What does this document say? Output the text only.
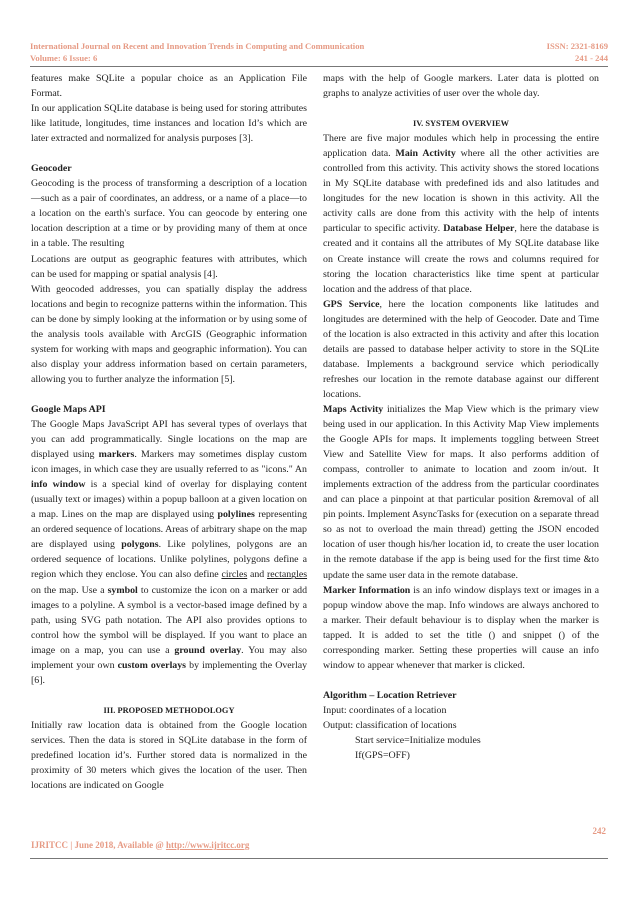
International Journal on Recent and Innovation Trends in Computing and Communication
Volume: 6 Issue: 6
ISSN: 2321-8169
241 - 244

features make SQLite a popular choice as an Application File Format.

In our application SQLite database is being used for storing attributes like latitude, longitudes, time instances and location Id’s which are later extracted and normalized for analysis purposes [3].

Geocoder

Geocoding is the process of transforming a description of a location—such as a pair of coordinates, an address, or a name of a place—to a location on the earth's surface. You can geocode by entering one location description at a time or by providing many of them at once in a table. The resulting

Locations are output as geographic features with attributes, which can be used for mapping or spatial analysis [4].

With geocoded addresses, you can spatially display the address locations and begin to recognize patterns within the information. This can be done by simply looking at the information or by using some of the analysis tools available with ArcGIS (Geographic information system for working with maps and geographic information). You can also display your address information based on certain parameters, allowing you to further analyze the information [5].

Google Maps API

The Google Maps JavaScript API has several types of overlays that you can add programmatically. Single locations on the map are displayed using markers. Markers may sometimes display custom icon images, in which case they are usually referred to as "icons." An info window is a special kind of overlay for displaying content (usually text or images) within a popup balloon at a given location on a map. Lines on the map are displayed using polylines representing an ordered sequence of locations. Areas of arbitrary shape on the map are displayed using polygons. Like polylines, polygons are an ordered sequence of locations. Unlike polylines, polygons define a region which they enclose. You can also define circles and rectangles on the map. Use a symbol to customize the icon on a marker or add images to a polyline. A symbol is a vector-based image defined by a path, using SVG path notation. The API also provides options to control how the symbol will be displayed. If you want to place an image on a map, you can use a ground overlay. You may also implement your own custom overlays by implementing the Overlay [6].

III. PROPOSED METHODOLOGY

Initially raw location data is obtained from the Google location services. Then the data is stored in SQLite database in the form of predefined location id’s. Further stored data is normalized in the proximity of 30 meters which gives the location of the user. Then locations are indicated on Google

maps with the help of Google markers. Later data is plotted on graphs to analyze activities of user over the whole day.

IV. SYSTEM OVERVIEW

There are five major modules which help in processing the entire application data. Main Activity where all the other activities are controlled from this activity. This activity shows the stored locations in My SQLite database with predefined ids and also latitudes and longitudes for the new location is shown in this activity. All the activity calls are done from this activity with the help of intents particular to specific activity. Database Helper, here the database is created and it contains all the attributes of My SQLite database like on Create instance will create the rows and columns required for storing the location characteristics like time spent at particular location and the address of that place.

GPS Service, here the location components like latitudes and longitudes are determined with the help of Geocoder. Date and Time of the location is also extracted in this activity and after this location details are passed to database helper activity to store in the SQLite database. Implements a background service which periodically refreshes our location in the remote database against our different locations.

Maps Activity initializes the Map View which is the primary view being used in our application. In this Activity Map View implements the Google APIs for maps. It implements toggling between Street View and Satellite View for maps. It also performs addition of compass, controller to animate to location and zoom in/out. It implements extraction of the address from the particular coordinates and can place a pinpoint at that particular position &removal of all pin points. Implement AsyncTasks for (execution on a separate thread so as not to overload the main thread) getting the JSON encoded location of user though his/her location id, to create the user location in the remote database if the app is being used for the first time &to update the same user data in the remote database.

Marker Information is an info window displays text or images in a popup window above the map. Info windows are always anchored to a marker. Their default behaviour is to display when the marker is tapped. It is added to set the title () and snippet () of the corresponding marker. Setting these properties will cause an info window to appear whenever that marker is clicked.

Algorithm – Location Retriever

Input: coordinates of a location

Output: classification of locations

Start service=Initialize modules

If(GPS=OFF)

242
IJRITCC | June 2018, Available @ http://www.ijritcc.org
